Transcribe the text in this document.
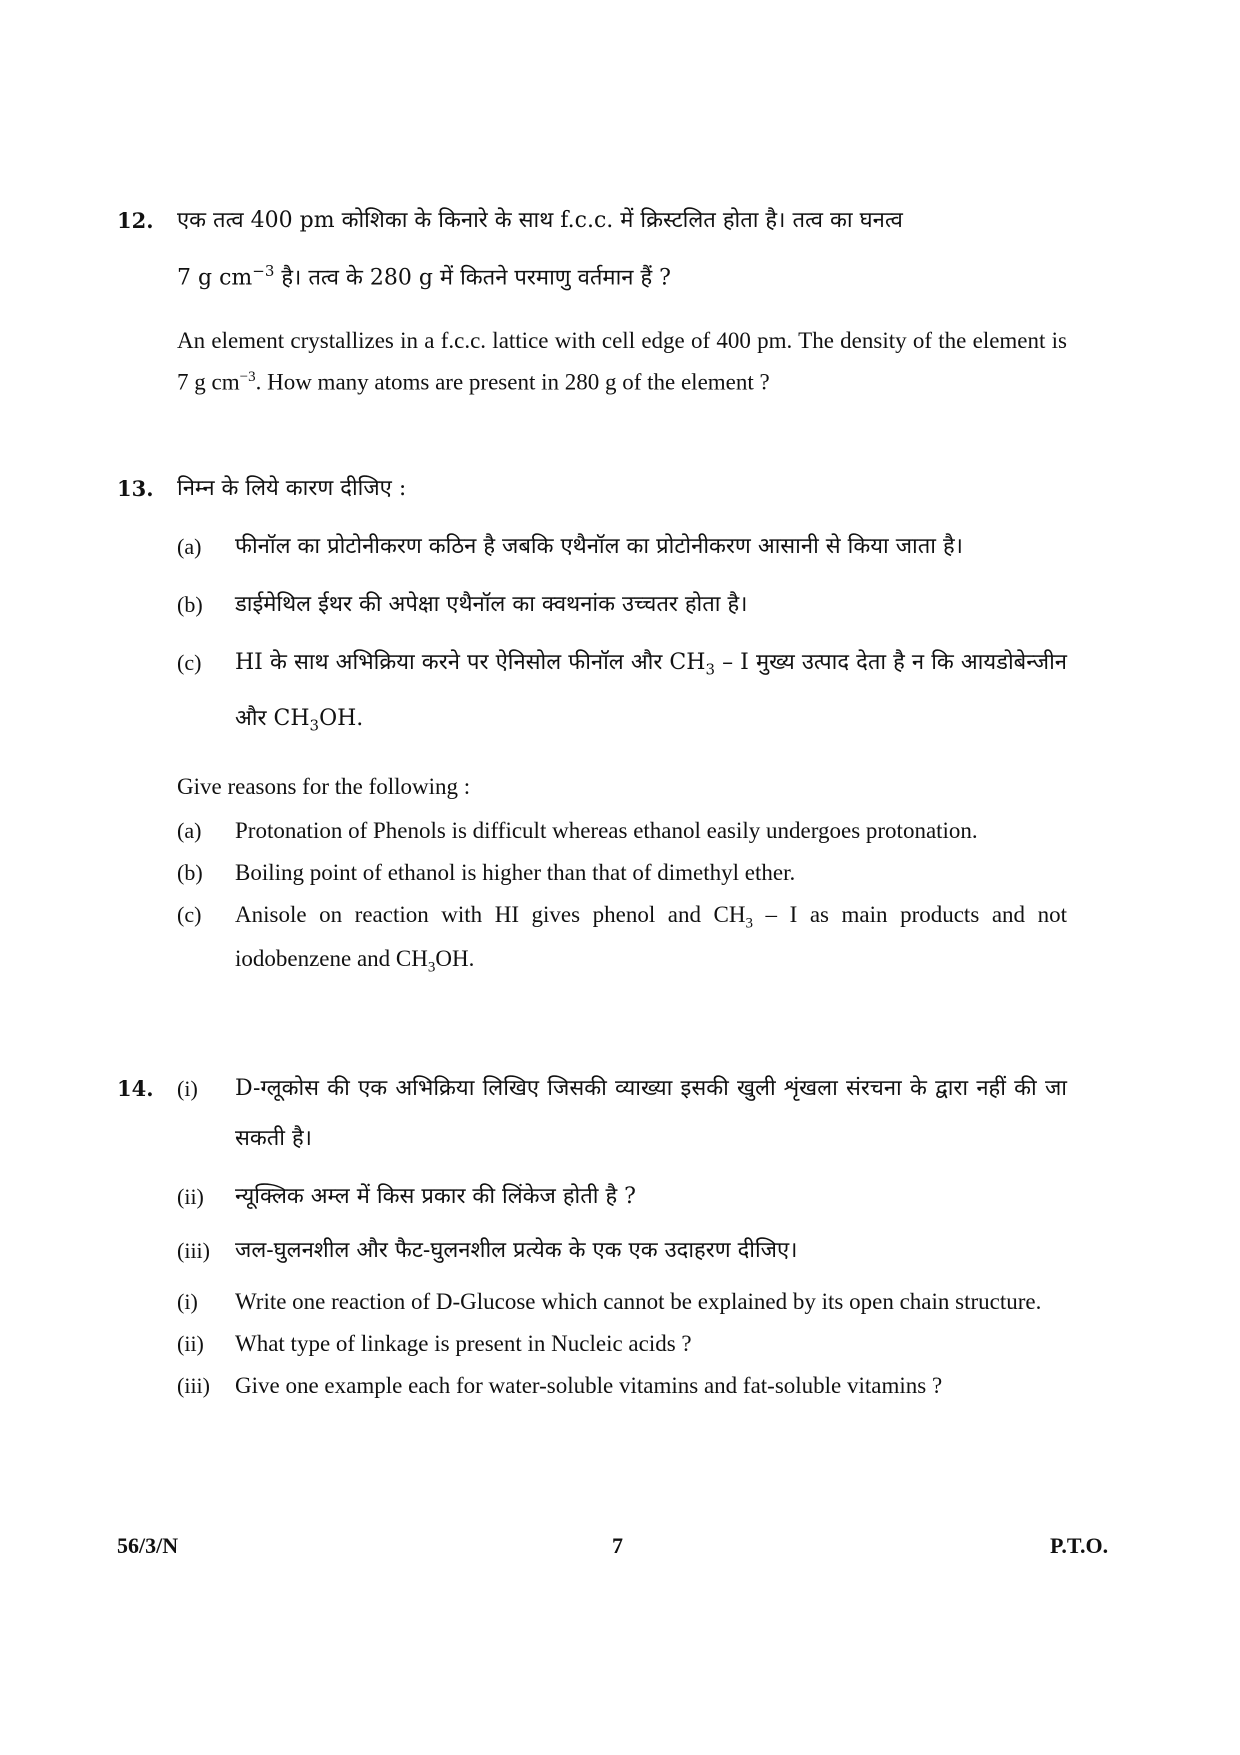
12. एक तत्व 400 pm कोशिका के किनारे के साथ f.c.c. में क्रिस्टलित होता है। तत्व का घनत्व
7 g $cm^{-3}$ है। तत्व के 280 g में कितने परमाणु वर्तमान हैं ?

An element crystallizes in a f.c.c. lattice with cell edge of 400 pm. The density of the element is 7 g $cm^{-3}$. How many atoms are present in 280 g of the element ?

13. निम्न के लिये कारण दीजिए :

(a)	फीनॉल का प्रोटोनीकरण कठिन है जबकि एथैनॉल का प्रोटोनीकरण आसानी से किया जाता है।

(b)	डाईमेथिल ईथर की अपेक्षा एथैनॉल का क्वथनांक उच्चतर होता है।

(c)	HI के साथ अभिक्रिया करने पर ऐनिसोल फीनॉल और $CH_3$ – I मुख्य उत्पाद देता है न कि आयडोबेन्जीन और $CH_3OH$.

Give reasons for the following :

(a)	Protonation of Phenols is difficult whereas ethanol easily undergoes protonation.

(b)	Boiling point of ethanol is higher than that of dimethyl ether.

(c)	Anisole on reaction with HI gives phenol and $CH_3$ – I as main products and not iodobenzene and $CH_3OH$.

14. (i)	D-ग्लूकोस की एक अभिक्रिया लिखिए जिसकी व्याख्या इसकी खुली शृंखला संरचना के द्वारा नहीं की जा सकती है।

(ii)	न्यूक्लिक अम्ल में किस प्रकार की लिंकेज होती है ?

(iii)	जल-घुलनशील और फैट-घुलनशील प्रत्येक के एक एक उदाहरण दीजिए।

(i)	Write one reaction of D-Glucose which cannot be explained by its open chain structure.

(ii)	What type of linkage is present in Nucleic acids ?

(iii)	Give one example each for water-soluble vitamins and fat-soluble vitamins ?

56/3/N	7	P.T.O.
